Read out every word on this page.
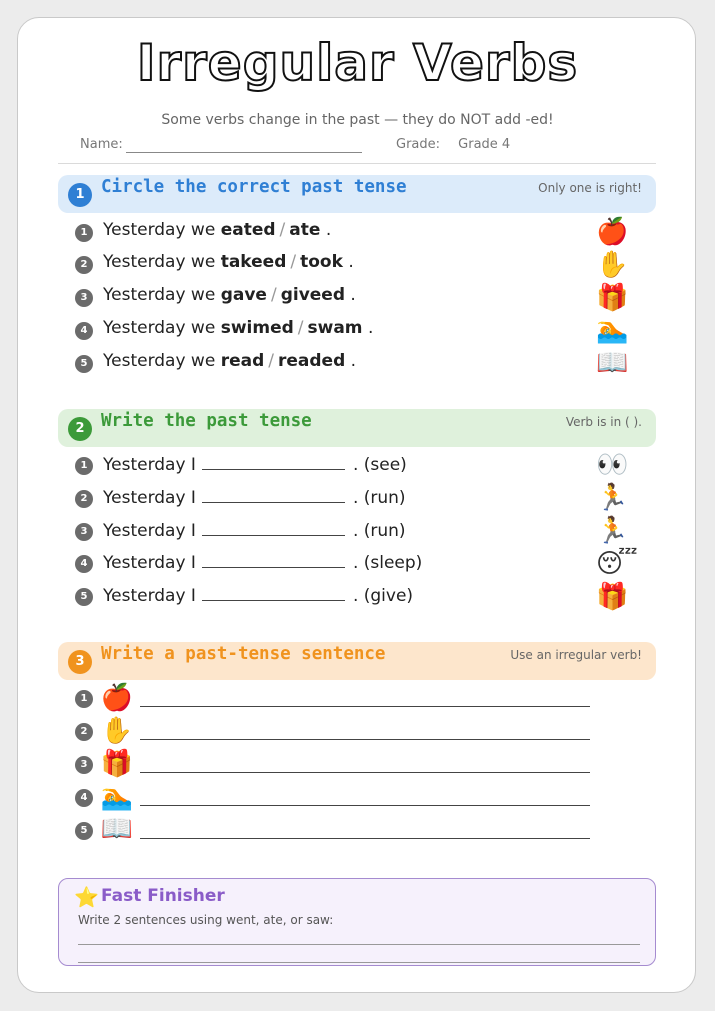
Irregular Verbs
Some verbs change in the past — they do NOT add -ed!
Name:	Grade: Grade 4
1 Circle the correct past tense	Only one is right!
1 Yesterday we eated / ate .	🍎
2 Yesterday we takeed / took .	✋
3 Yesterday we gave / giveed .	🎁
4 Yesterday we swimed / swam .	🏊
5 Yesterday we read / readed .	📖
2 Write the past tense	Verb is in ( ).
1 Yesterday I	. (see)	👀
2 Yesterday I	. (run)	🏃
3 Yesterday I	. (run)	🏃
4 Yesterday I	. (sleep)	😴
5 Yesterday I	. (give)	🎁
3 Write a past-tense sentence	Use an irregular verb!
1 🍎
2 ✋
3 🎁
4 🏊
5 📖
⭐ Fast Finisher
Write 2 sentences using went, ate, or saw:
